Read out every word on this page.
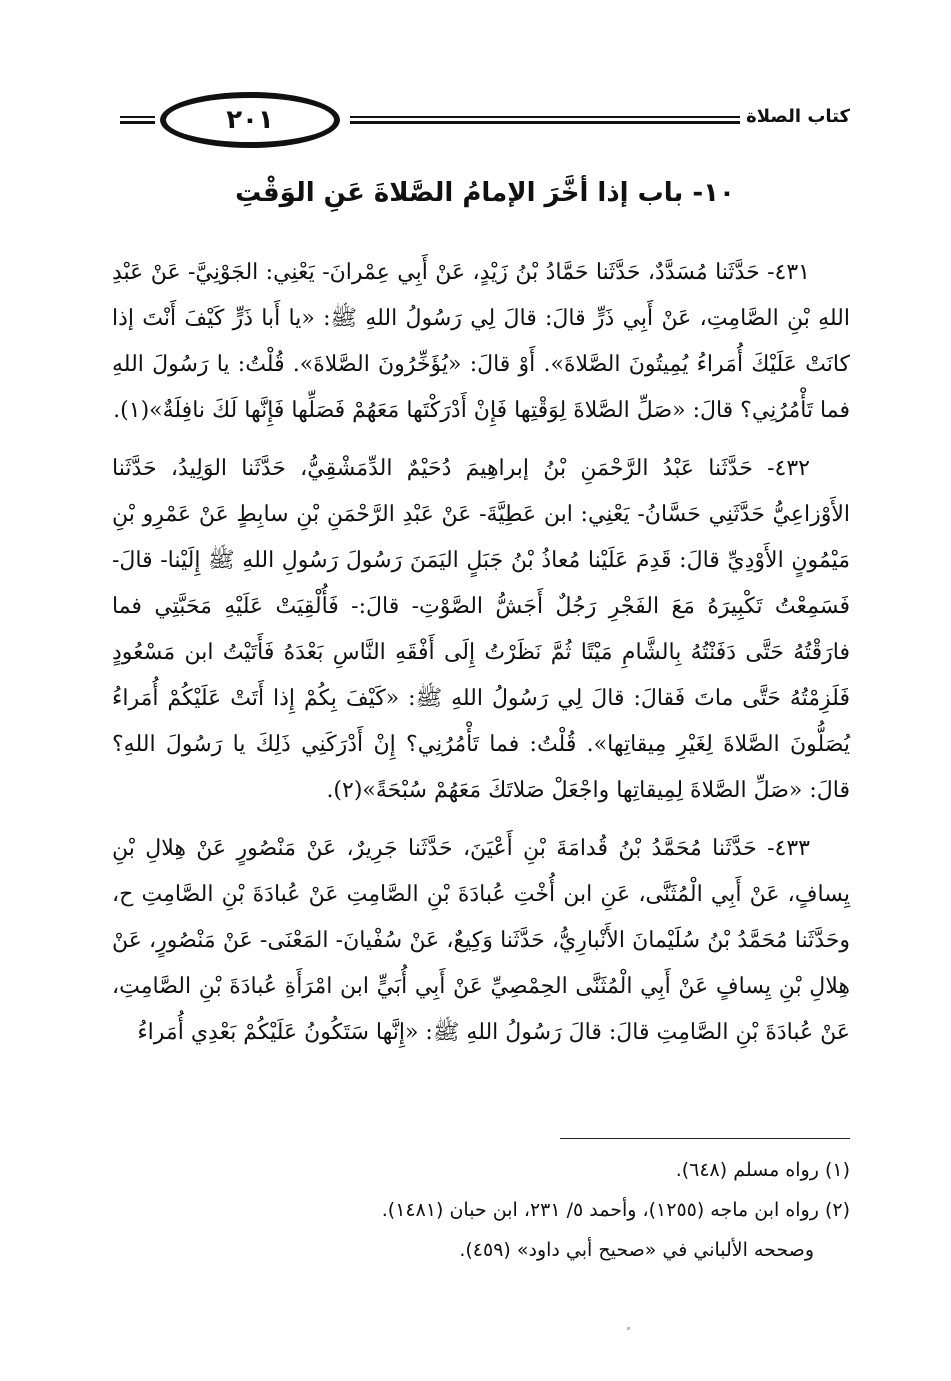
٢٠١	كتاب الصلاة
١٠- باب إذا أخَّرَ الإمامُ الصَّلاةَ عَنِ الوَقْتِ

٤٣١- حَدَّثَنا مُسَدَّدٌ، حَدَّثَنا حَمَّادُ بْنُ زَيْدٍ، عَنْ أَبِي عِمْرانَ- يَعْنِي: الجَوْنِيَّ- عَنْ عَبْدِ اللهِ بْنِ الصَّامِتِ، عَنْ أَبِي ذَرٍّ قالَ: قالَ لِي رَسُولُ اللهِ ﷺ: «يا أَبا ذَرٍّ كَيْفَ أَنْتَ إذا كانَتْ عَلَيْكَ أُمَراءُ يُمِيتُونَ الصَّلاةَ». أَوْ قالَ: «يُؤَخِّرُونَ الصَّلاةَ». قُلْتُ: يا رَسُولَ اللهِ فما تَأْمُرُنِي؟ قالَ: «صَلِّ الصَّلاةَ لِوَقْتِها فَإِنْ أَدْرَكْتَها مَعَهُمْ فَصَلِّها فَإِنَّها لَكَ نافِلَةٌ»(١).

٤٣٢- حَدَّثَنا عَبْدُ الرَّحْمَنِ بْنُ إبراهِيمَ دُحَيْمٌ الدِّمَشْقِيُّ، حَدَّثَنا الوَلِيدُ، حَدَّثَنا الأَوْزاعِيُّ حَدَّثَنِي حَسَّانُ- يَعْنِي: ابن عَطِيَّةَ- عَنْ عَبْدِ الرَّحْمَنِ بْنِ سابِطٍ عَنْ عَمْرِو بْنِ مَيْمُونٍ الأَوْدِيِّ قالَ: قَدِمَ عَلَيْنا مُعاذُ بْنُ جَبَلٍ اليَمَنَ رَسُولَ رَسُولِ اللهِ ﷺ إِلَيْنا- قالَ- فَسَمِعْتُ تَكْبِيرَهُ مَعَ الفَجْرِ رَجُلٌ أَجَشُّ الصَّوْتِ- قالَ:- فَأُلْقِيَتْ عَلَيْهِ مَحَبَّتِي فما فارَقْتُهُ حَتَّى دَفَنْتُهُ بِالشَّامِ مَيْتًا ثُمَّ نَظَرْتُ إِلَى أَفْقَهِ النَّاسِ بَعْدَهُ فَأَتَيْتُ ابن مَسْعُودٍ فَلَزِمْتُهُ حَتَّى ماتَ فَقالَ: قالَ لِي رَسُولُ اللهِ ﷺ: «كَيْفَ بِكُمْ إِذا أَتَتْ عَلَيْكُمْ أُمَراءُ يُصَلُّونَ الصَّلاةَ لِغَيْرِ مِيقاتِها». قُلْتُ: فما تَأْمُرُنِي؟ إِنْ أَدْرَكَنِي ذَلِكَ يا رَسُولَ اللهِ؟ قالَ: «صَلِّ الصَّلاةَ لِمِيقاتِها واجْعَلْ صَلاتَكَ مَعَهُمْ سُبْحَةً»(٢).

٤٣٣- حَدَّثَنا مُحَمَّدُ بْنُ قُدامَةَ بْنِ أَعْيَنَ، حَدَّثَنا جَرِيرٌ، عَنْ مَنْصُورٍ عَنْ هِلالِ بْنِ يِسافٍ، عَنْ أَبِي الْمُثَنَّى، عَنِ ابن أُخْتِ عُبادَةَ بْنِ الصَّامِتِ عَنْ عُبادَةَ بْنِ الصَّامِتِ ح، وحَدَّثَنا مُحَمَّدُ بْنُ سُلَيْمانَ الأَنْبارِيُّ، حَدَّثَنا وَكِيعٌ، عَنْ سُفْيانَ- المَعْنَى- عَنْ مَنْصُورٍ، عَنْ هِلالِ بْنِ يِسافٍ عَنْ أَبِي الْمُثَنَّى الحِمْصِيِّ عَنْ أَبِي أُبَيٍّ ابن امْرَأَةِ عُبادَةَ بْنِ الصَّامِتِ، عَنْ عُبادَةَ بْنِ الصَّامِتِ قالَ: قالَ رَسُولُ اللهِ ﷺ: «إِنَّها سَتَكُونُ عَلَيْكُمْ بَعْدِي أُمَراءُ

(١) رواه مسلم (٦٤٨).
(٢) رواه ابن ماجه (١٢٥٥)، وأحمد ٥/ ٢٣١، ابن حبان (١٤٨١).
وصححه الألباني في «صحيح أبي داود» (٤٥٩).
